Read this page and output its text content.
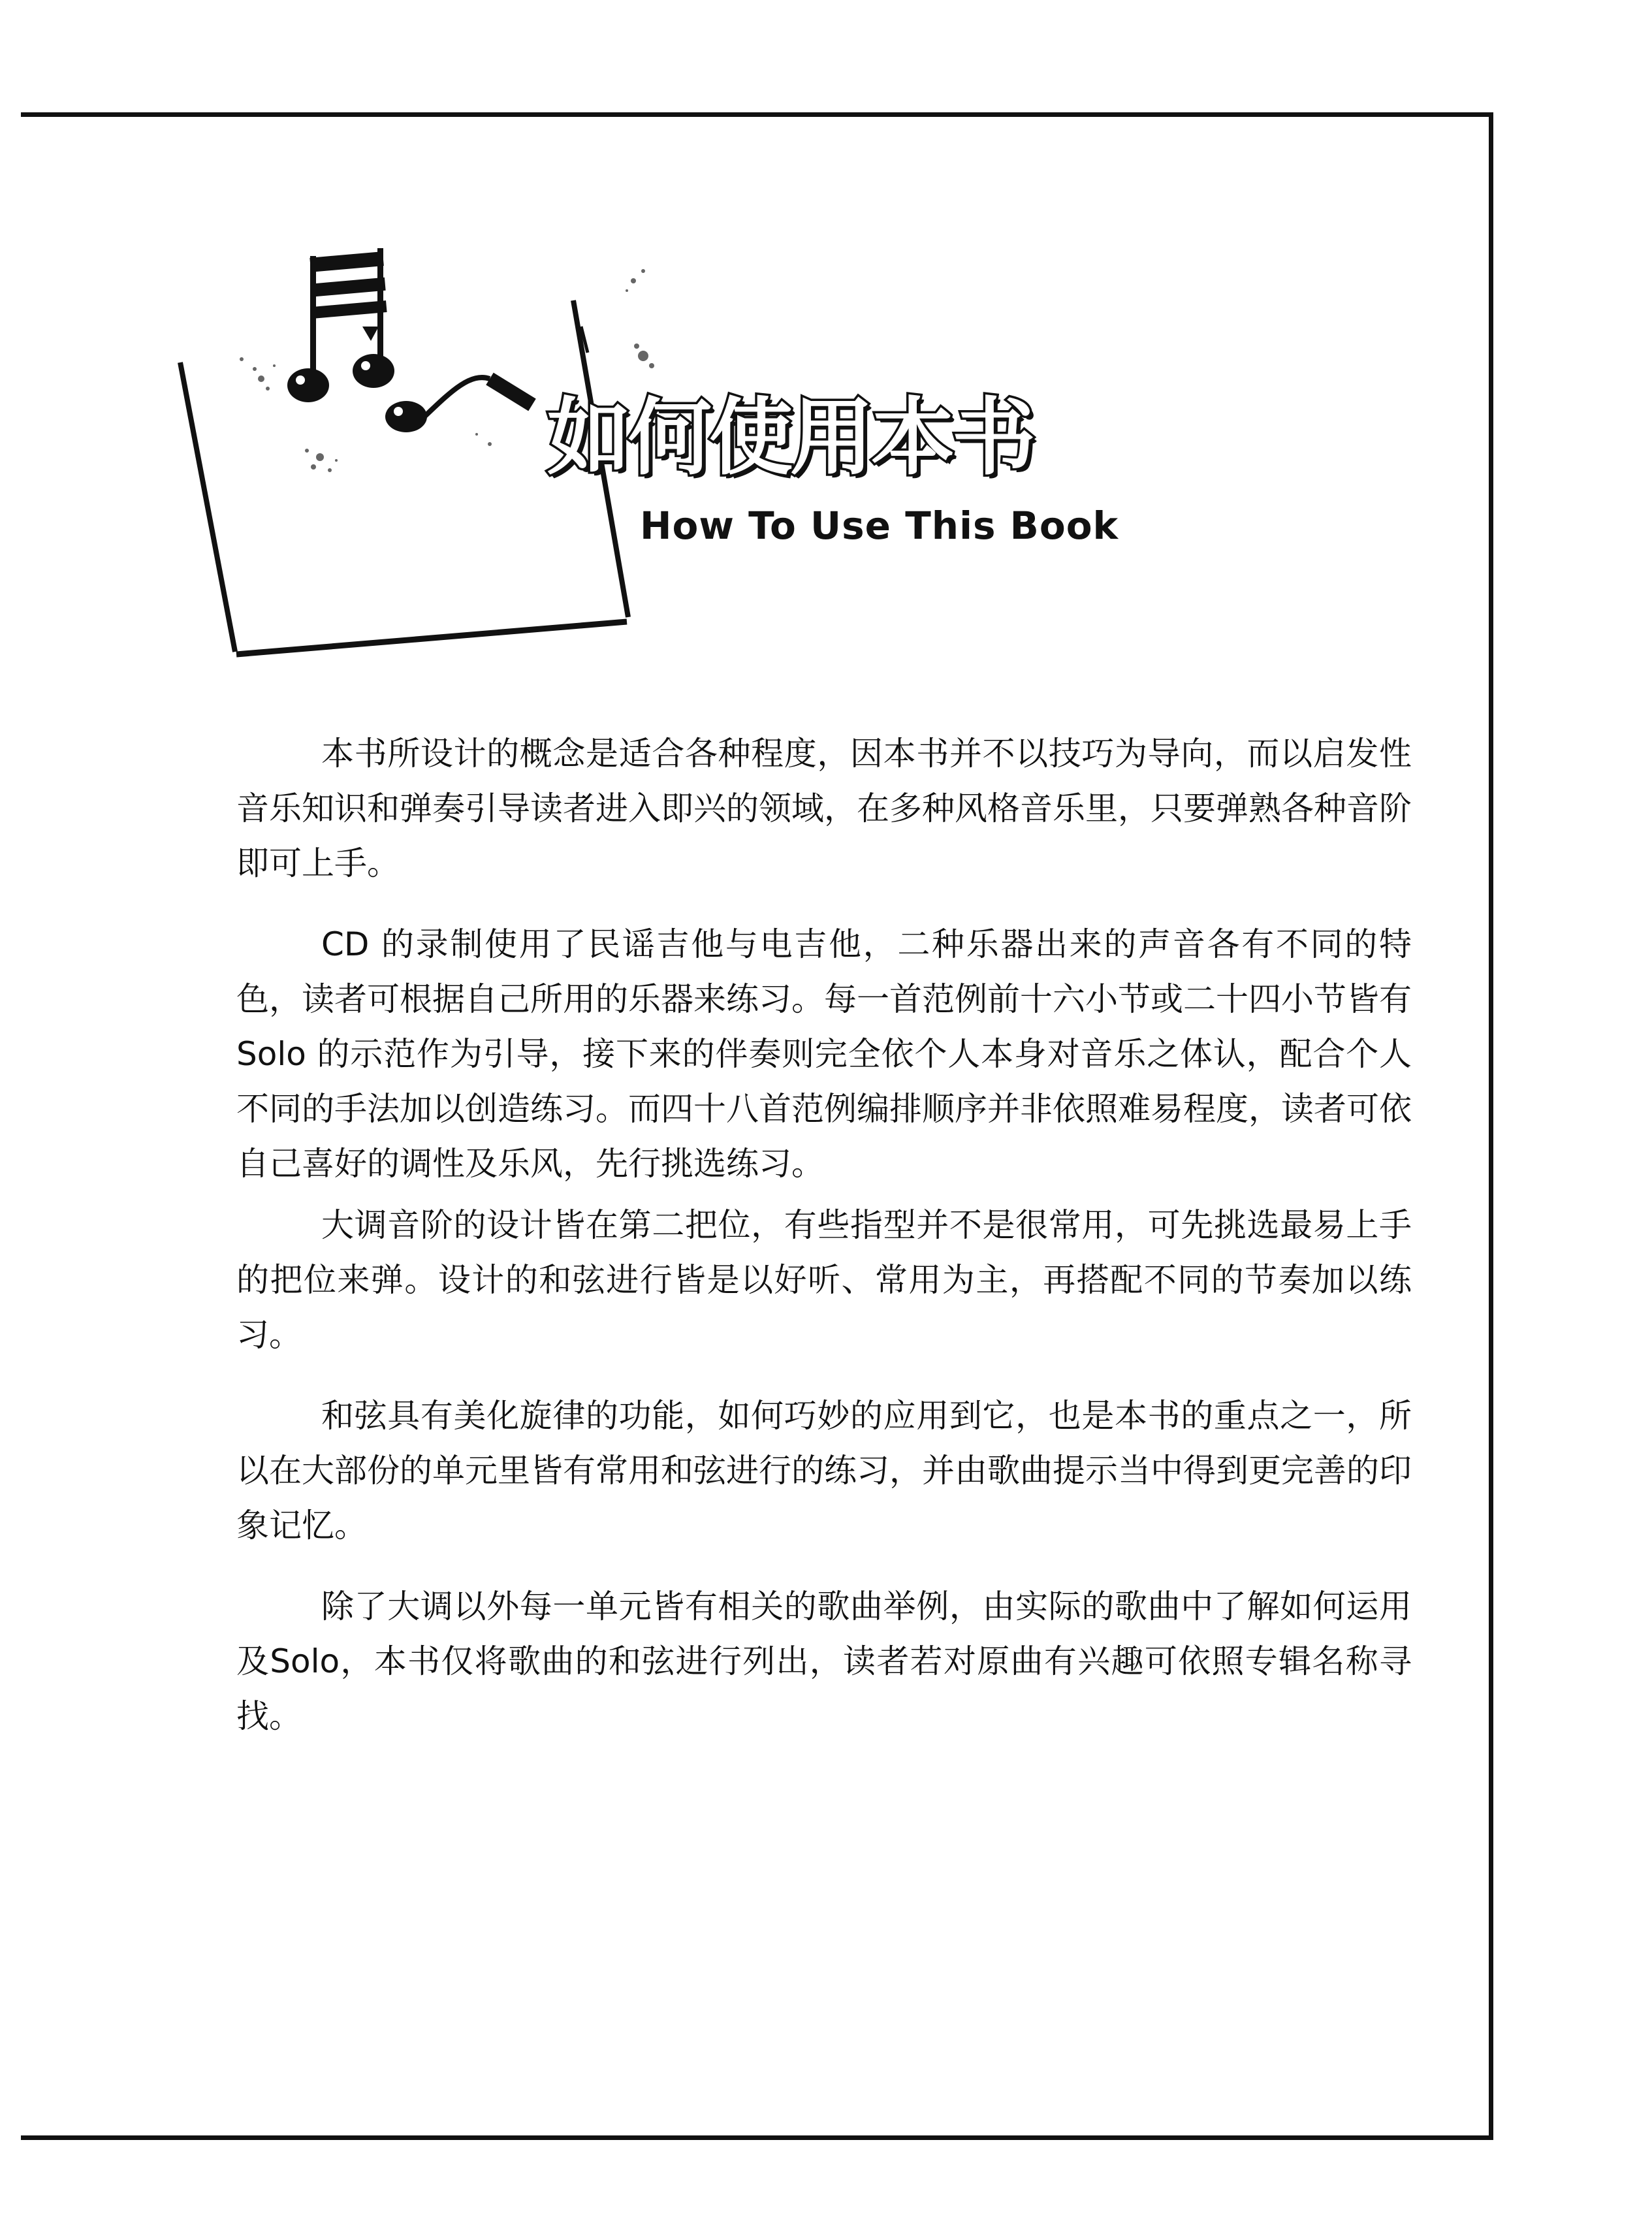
如何使用本书
How To Use This Book

本书所设计的概念是适合各种程度，因本书并不以技巧为导向，而以启发性音乐知识和弹奏引导读者进入即兴的领域，在多种风格音乐里，只要弹熟各种音阶即可上手。

CD 的录制使用了民谣吉他与电吉他，二种乐器出来的声音各有不同的特色，读者可根据自己所用的乐器来练习。每一首范例前十六小节或二十四小节皆有Solo 的示范作为引导，接下来的伴奏则完全依个人本身对音乐之体认，配合个人不同的手法加以创造练习。而四十八首范例编排顺序并非依照难易程度，读者可依自己喜好的调性及乐风，先行挑选练习。

大调音阶的设计皆在第二把位，有些指型并不是很常用，可先挑选最易上手的把位来弹。设计的和弦进行皆是以好听、常用为主，再搭配不同的节奏加以练习。

和弦具有美化旋律的功能，如何巧妙的应用到它，也是本书的重点之一，所以在大部份的单元里皆有常用和弦进行的练习，并由歌曲提示当中得到更完善的印象记忆。

除了大调以外每一单元皆有相关的歌曲举例，由实际的歌曲中了解如何运用及Solo，本书仅将歌曲的和弦进行列出，读者若对原曲有兴趣可依照专辑名称寻找。
